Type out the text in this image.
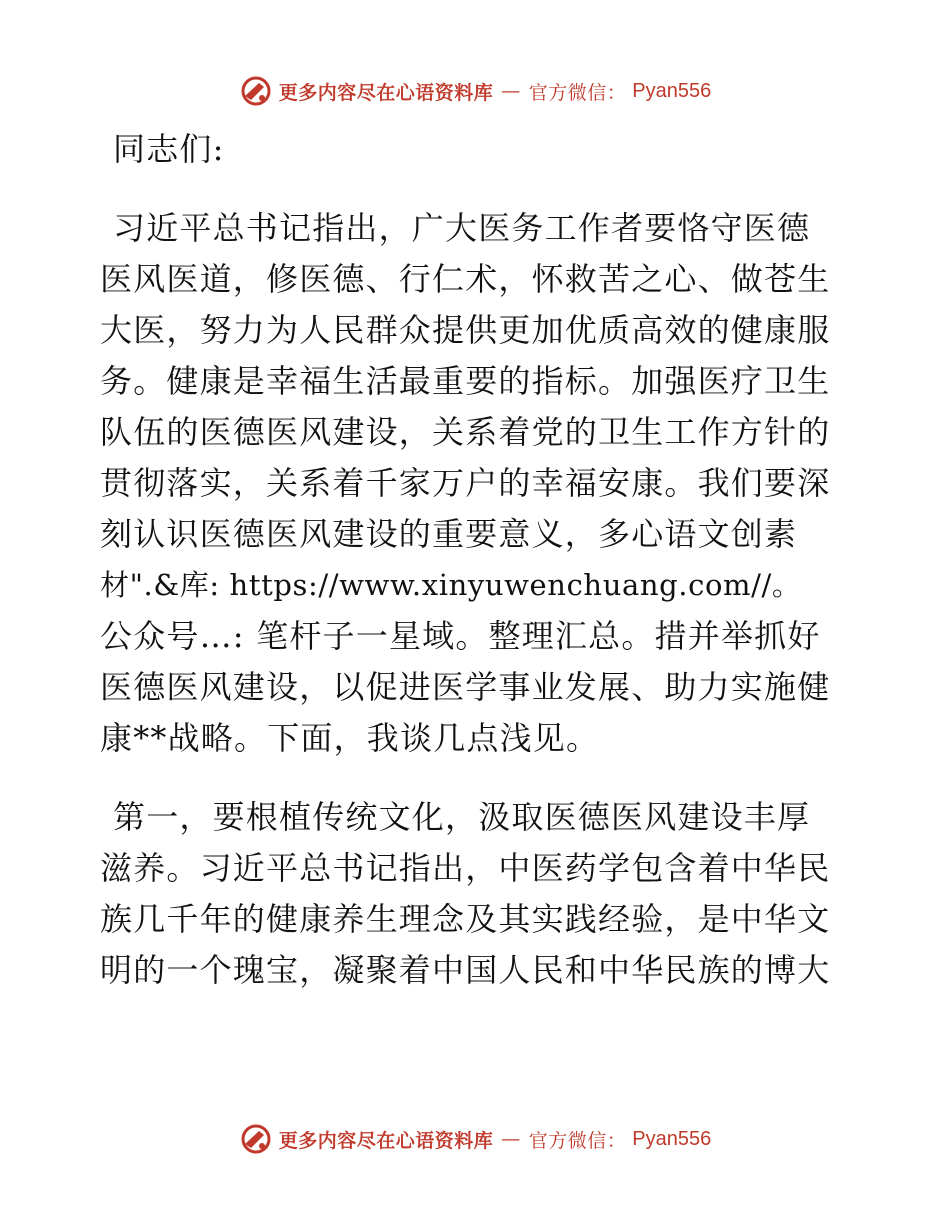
更多内容尽在心语资料库 — 官方微信： Pyan556
同志们:
习近平总书记指出，广大医务工作者要恪守医德
医风医道，修医德、行仁术，怀救苦之心、做苍生
大医，努力为人民群众提供更加优质高效的健康服
务。健康是幸福生活最重要的指标。加强医疗卫生
队伍的医德医风建设，关系着党的卫生工作方针的
贯彻落实，关系着千家万户的幸福安康。我们要深
刻认识医德医风建设的重要意义，多心语文创素
材".&库: https://www.xinyuwenchuang.com//。
公众号…: 笔杆子一星域。整理汇总。措并举抓好
医德医风建设，以促进医学事业发展、助力实施健
康**战略。下面，我谈几点浅见。
第一，要根植传统文化，汲取医德医风建设丰厚
滋养。习近平总书记指出，中医药学包含着中华民
族几千年的健康养生理念及其实践经验，是中华文
明的一个瑰宝，凝聚着中国人民和中华民族的博大
更多内容尽在心语资料库 — 官方微信： Pyan556
